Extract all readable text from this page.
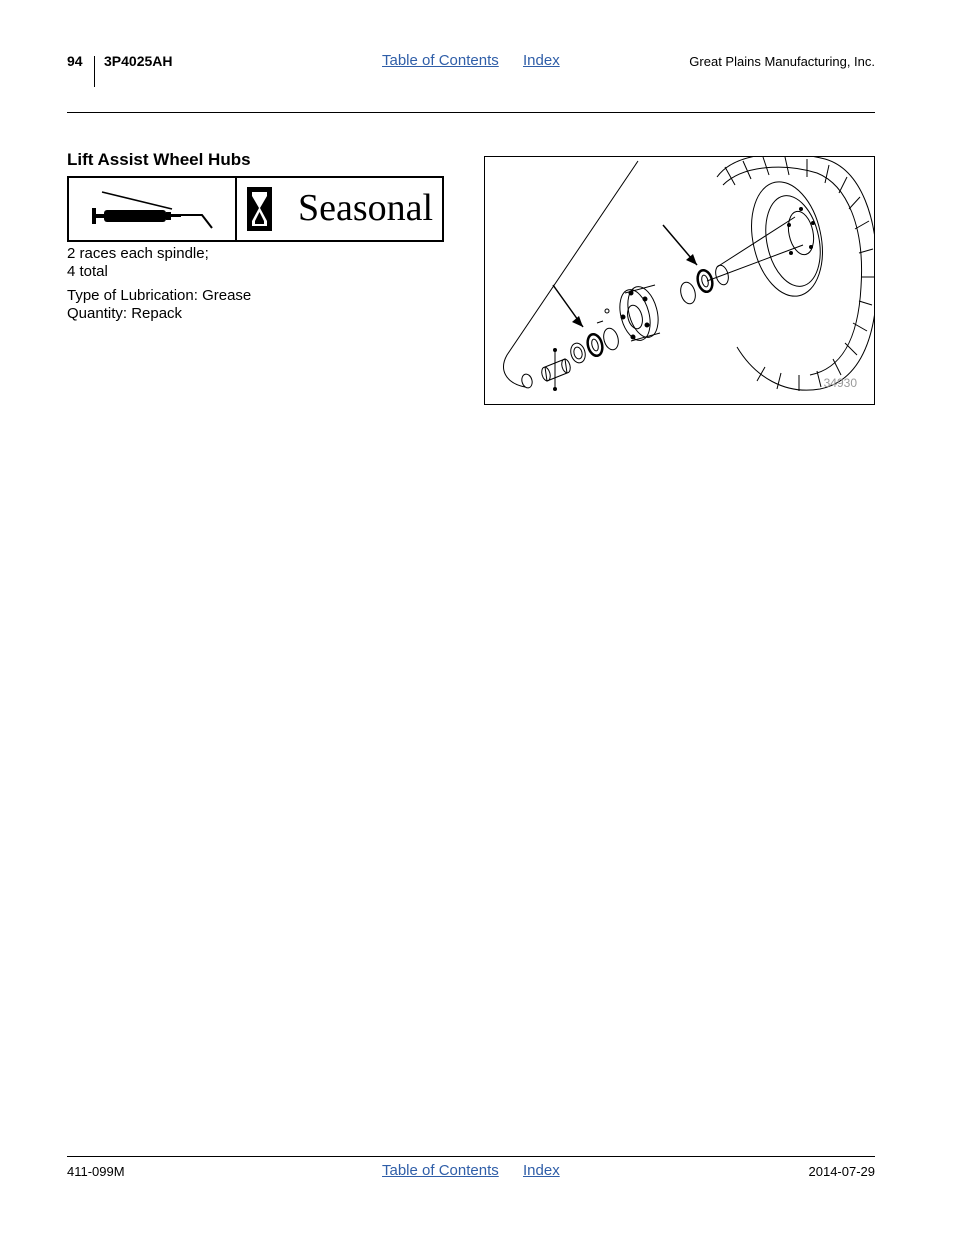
94 3P4025AH	Table of Contents Index	Great Plains Manufacturing, Inc.
Lift Assist Wheel Hubs
Seasonal
2 races each spindle;
4 total
Type of Lubrication: Grease
Quantity: Repack
34930
411-099M	Table of Contents Index	2014-07-29
